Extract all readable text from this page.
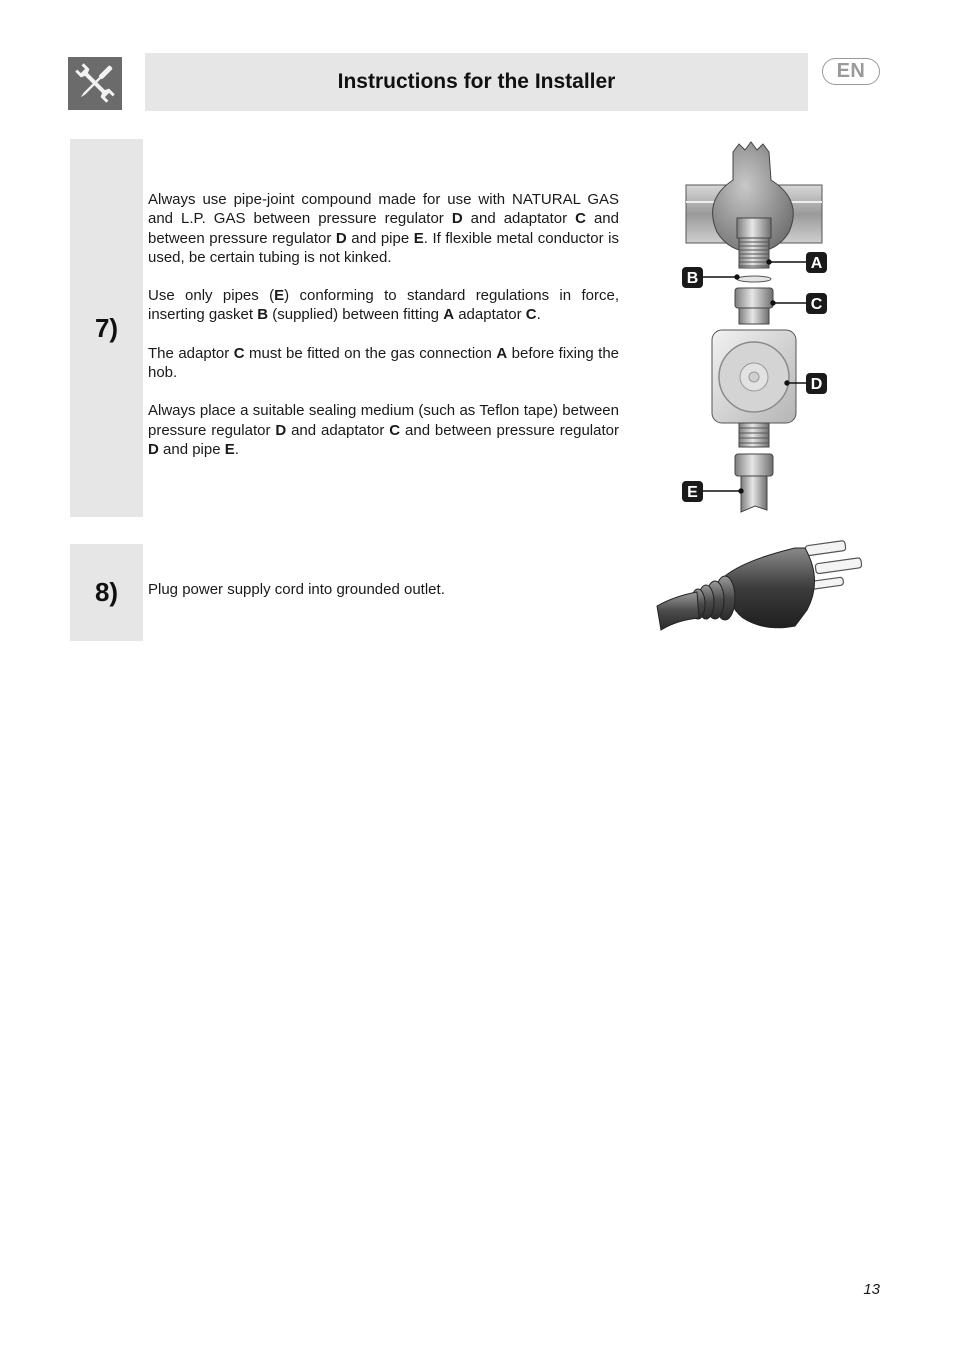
Instructions for the Installer	EN
7)

Always use pipe-joint compound made for use with NATURAL GAS and L.P. GAS between pressure regulator D and adaptator C and between pressure regulator D and pipe E. If flexible metal conductor is used, be certain tubing is not kinked.

Use only pipes (E) conforming to standard regulations in force, inserting gasket B (supplied) between fitting A adaptator C.

The adaptor C must be fitted on the gas connection A before fixing the hob.

Always place a suitable sealing medium (such as Teflon tape) between pressure regulator D and adaptator C and between pressure regulator D and pipe E.

A
B
C
D
E
8) Plug power supply cord into grounded outlet.

13
